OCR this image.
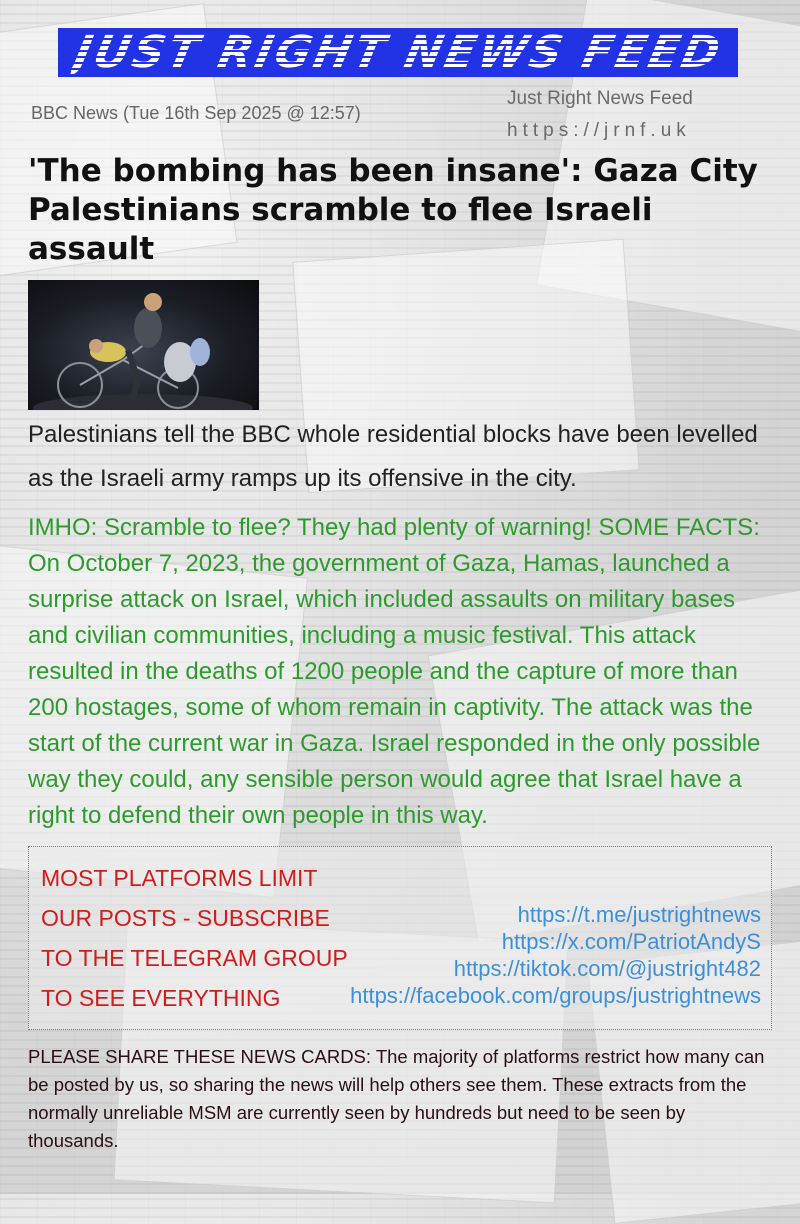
JUST RIGHT NEWS FEED
BBC News (Tue 16th Sep 2025 @ 12:57)
Just Right News Feed
https://jrnf.uk
'The bombing has been insane': Gaza City Palestinians scramble to flee Israeli assault

Palestinians tell the BBC whole residential blocks have been levelled as the Israeli army ramps up its offensive in the city.

IMHO: Scramble to flee? They had plenty of warning! SOME FACTS: On October 7, 2023, the government of Gaza, Hamas, launched a surprise attack on Israel, which included assaults on military bases and civilian communities, including a music festival. This attack resulted in the deaths of 1200 people and the capture of more than 200 hostages, some of whom remain in captivity. The attack was the start of the current war in Gaza. Israel responded in the only possible way they could, any sensible person would agree that Israel have a right to defend their own people in this way.

MOST PLATFORMS LIMIT
OUR POSTS - SUBSCRIBE
TO THE TELEGRAM GROUP
TO SEE EVERYTHING
https://t.me/justrightnews
https://x.com/PatriotAndyS
https://tiktok.com/@justright482
https://facebook.com/groups/justrightnews

PLEASE SHARE THESE NEWS CARDS: The majority of platforms restrict how many can be posted by us, so sharing the news will help others see them. These extracts from the normally unreliable MSM are currently seen by hundreds but need to be seen by thousands.
